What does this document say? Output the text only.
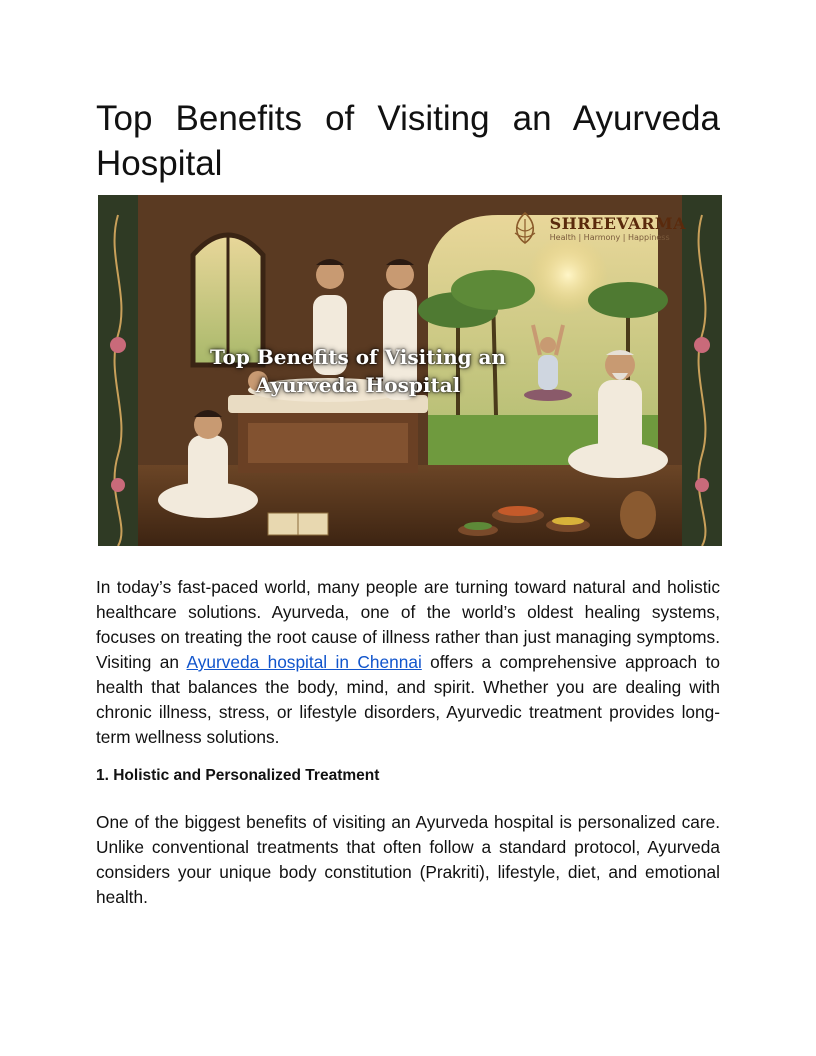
Top Benefits of Visiting an Ayurveda Hospital
SHREEVARMA
Health | Harmony | Happiness
Top Benefits of Visiting an Ayurveda Hospital

In today’s fast-paced world, many people are turning toward natural and holistic healthcare solutions. Ayurveda, one of the world’s oldest healing systems, focuses on treating the root cause of illness rather than just managing symptoms. Visiting an Ayurveda hospital in Chennai offers a comprehensive approach to health that balances the body, mind, and spirit. Whether you are dealing with chronic illness, stress, or lifestyle disorders, Ayurvedic treatment provides long-term wellness solutions.

1. Holistic and Personalized Treatment

One of the biggest benefits of visiting an Ayurveda hospital is personalized care. Unlike conventional treatments that often follow a standard protocol, Ayurveda considers your unique body constitution (Prakriti), lifestyle, diet, and emotional health.
